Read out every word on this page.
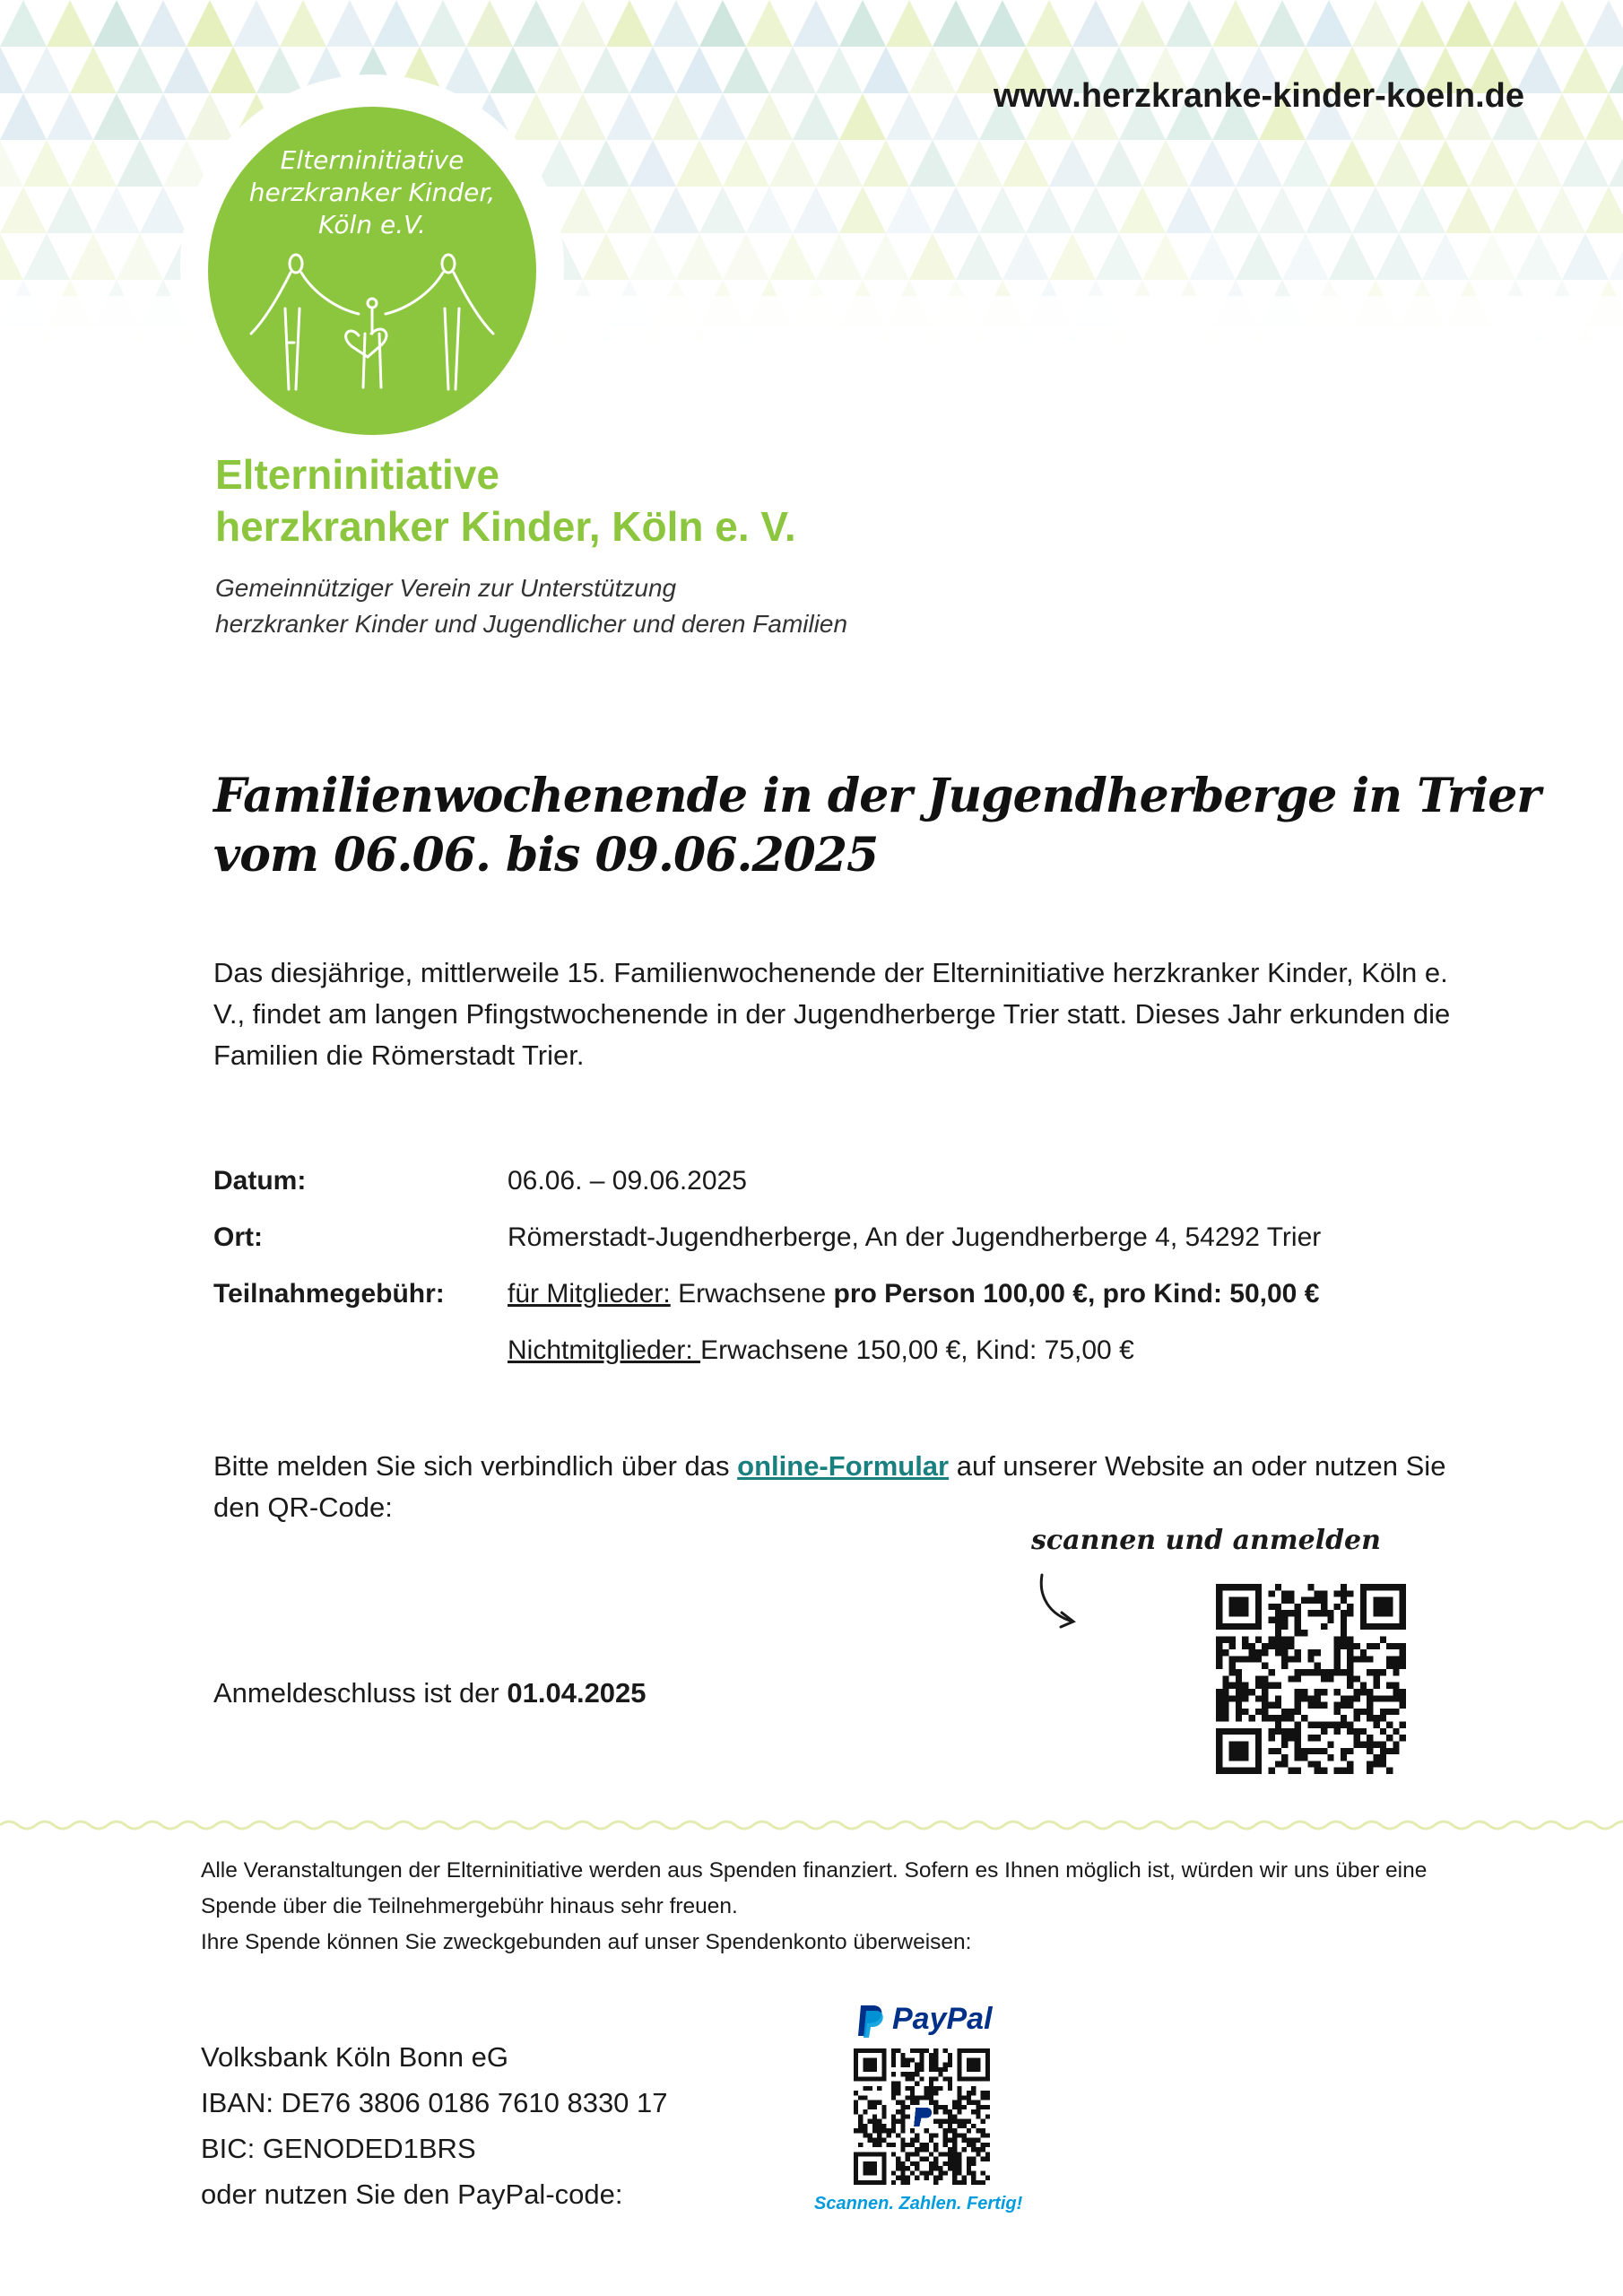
www.herzkranke-kinder-koeln.de
Elterninitiative
herzkranker Kinder,
Köln e.V.
Elterninitiative
herzkranker Kinder, Köln e. V.
Gemeinnütziger Verein zur Unterstützung
herzkranker Kinder und Jugendlicher und deren Familien
Familienwochenende in der Jugendherberge in Trier
vom 06.06. bis 09.06.2025
Das diesjährige, mittlerweile 15. Familienwochenende der Elterninitiative herzkranker Kinder, Köln e. V., findet am langen Pfingstwochenende in der Jugendherberge Trier statt. Dieses Jahr erkunden die Familien die Römerstadt Trier.
Datum:	06.06. – 09.06.2025
Ort:	Römerstadt-Jugendherberge, An der Jugendherberge 4, 54292 Trier
Teilnahmegebühr: für Mitglieder: Erwachsene pro Person 100,00 €, pro Kind: 50,00 €
Nichtmitglieder: Erwachsene 150,00 €, Kind: 75,00 €
Bitte melden Sie sich verbindlich über das online-Formular auf unserer Website an oder nutzen Sie den QR-Code:
scannen und anmelden
Anmeldeschluss ist der 01.04.2025

Alle Veranstaltungen der Elterninitiative werden aus Spenden finanziert. Sofern es Ihnen möglich ist, würden wir uns über eine Spende über die Teilnehmergebühr hinaus sehr freuen.

Ihre Spende können Sie zweckgebunden auf unser Spendenkonto überweisen:

Volksbank Köln Bonn eG
IBAN: DE76 3806 0186 7610 8330 17
BIC: GENODED1BRS
oder nutzen Sie den PayPal-code:
PayPal
Scannen. Zahlen. Fertig!
